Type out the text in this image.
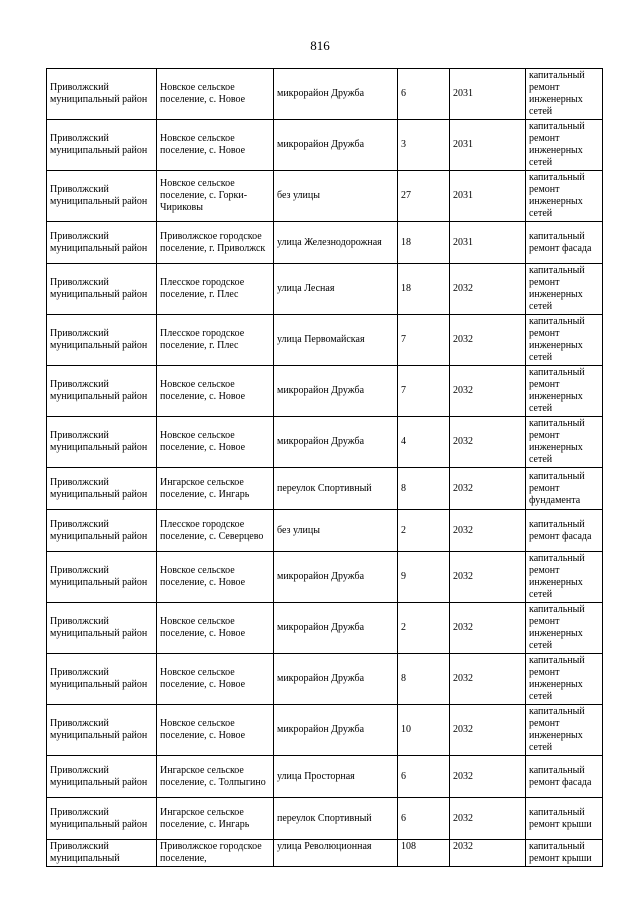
816
Приволжский муниципальный район	Новское сельское поселение, с. Новое	микрорайон Дружба	6	2031	капитальный ремонт инженерных сетей
Приволжский муниципальный район	Новское сельское поселение, с. Новое	микрорайон Дружба	3	2031	капитальный ремонт инженерных сетей
Приволжский муниципальный район	Новское сельское поселение, с. Горки-Чириковы	без улицы	27	2031	капитальный ремонт инженерных сетей
Приволжский муниципальный район	Приволжское городское поселение, г. Приволжск	улица Железнодорожная	18	2031	капитальный ремонт фасада
Приволжский муниципальный район	Плесское городское поселение, г. Плес	улица Лесная	18	2032	капитальный ремонт инженерных сетей
Приволжский муниципальный район	Плесское городское поселение, г. Плес	улица Первомайская	7	2032	капитальный ремонт инженерных сетей
Приволжский муниципальный район	Новское сельское поселение, с. Новое	микрорайон Дружба	7	2032	капитальный ремонт инженерных сетей
Приволжский муниципальный район	Новское сельское поселение, с. Новое	микрорайон Дружба	4	2032	капитальный ремонт инженерных сетей
Приволжский муниципальный район	Ингарское сельское поселение, с. Ингарь	переулок Спортивный	8	2032	капитальный ремонт фундамента
Приволжский муниципальный район	Плесское городское поселение, с. Северцево	без улицы	2	2032	капитальный ремонт фасада
Приволжский муниципальный район	Новское сельское поселение, с. Новое	микрорайон Дружба	9	2032	капитальный ремонт инженерных сетей
Приволжский муниципальный район	Новское сельское поселение, с. Новое	микрорайон Дружба	2	2032	капитальный ремонт инженерных сетей
Приволжский муниципальный район	Новское сельское поселение, с. Новое	микрорайон Дружба	8	2032	капитальный ремонт инженерных сетей
Приволжский муниципальный район	Новское сельское поселение, с. Новое	микрорайон Дружба	10	2032	капитальный ремонт инженерных сетей
Приволжский муниципальный район	Ингарское сельское поселение, с. Толпыгино	улица Просторная	6	2032	капитальный ремонт фасада
Приволжский муниципальный район	Ингарское сельское поселение, с. Ингарь	переулок Спортивный	6	2032	капитальный ремонт крыши
Приволжский муниципальный	Приволжское городское поселение,	улица Революционная	108	2032	капитальный ремонт крыши
